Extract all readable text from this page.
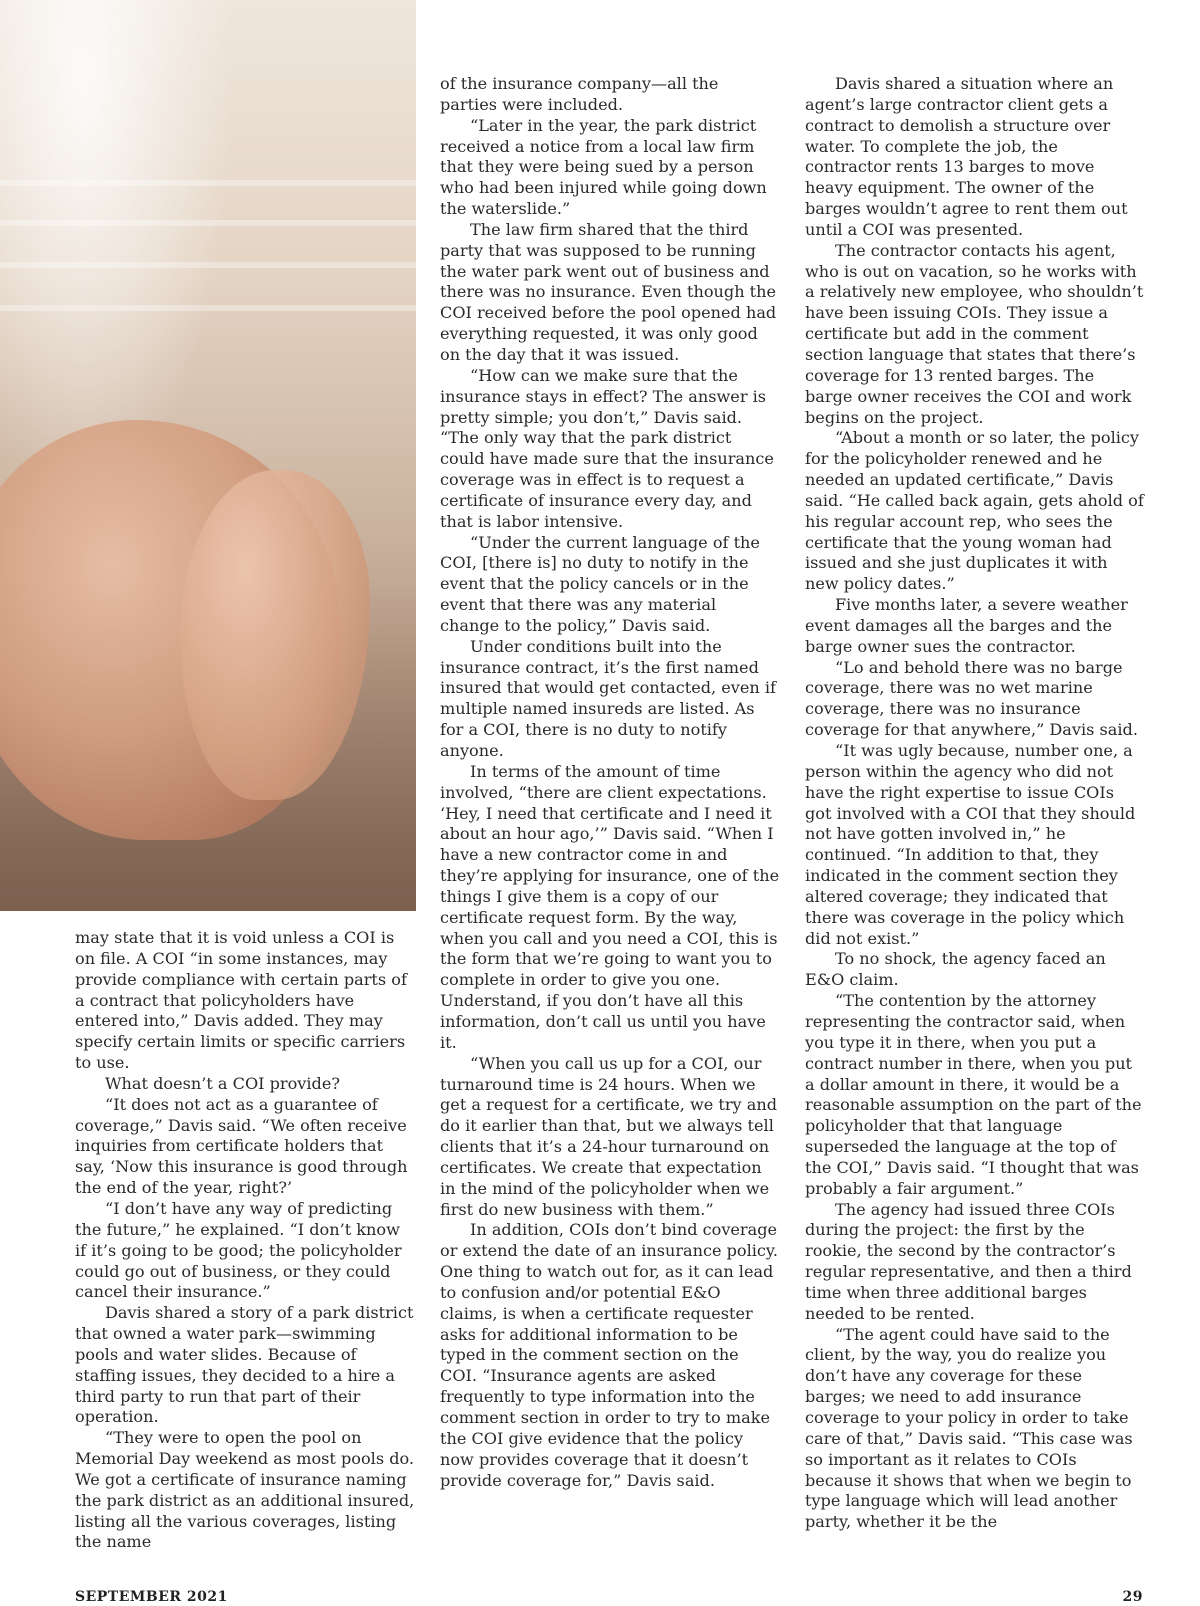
may state that it is void unless a COI is on file. A COI “in some instances, may provide compliance with certain parts of a contract that policyholders have entered into,” Davis added. They may specify certain limits or specific carriers to use.

What doesn’t a COI provide?

“It does not act as a guarantee of coverage,” Davis said. “We often receive inquiries from certificate holders that say, ‘Now this insurance is good through the end of the year, right?’

“I don’t have any way of predicting the future,” he explained. “I don’t know if it’s going to be good; the policyholder could go out of business, or they could cancel their insurance.”

Davis shared a story of a park district that owned a water park—swimming pools and water slides. Because of staffing issues, they decided to a hire a third party to run that part of their operation.

“They were to open the pool on Memorial Day weekend as most pools do. We got a certificate of insurance naming the park district as an additional insured, listing all the various coverages, listing the name

of the insurance company—all the parties were included.

“Later in the year, the park district received a notice from a local law firm that they were being sued by a person who had been injured while going down the waterslide.”

The law firm shared that the third party that was supposed to be running the water park went out of business and there was no insurance. Even though the COI received before the pool opened had everything requested, it was only good on the day that it was issued.

“How can we make sure that the insurance stays in effect? The answer is pretty simple; you don’t,” Davis said. “The only way that the park district could have made sure that the insurance coverage was in effect is to request a certificate of insurance every day, and that is labor intensive.

“Under the current language of the COI, [there is] no duty to notify in the event that the policy cancels or in the event that there was any material change to the policy,” Davis said.

Under conditions built into the insurance contract, it’s the first named insured that would get contacted, even if multiple named insureds are listed. As for a COI, there is no duty to notify anyone.

In terms of the amount of time involved, “there are client expectations. ‘Hey, I need that certificate and I need it about an hour ago,’” Davis said. “When I have a new contractor come in and they’re applying for insurance, one of the things I give them is a copy of our certificate request form. By the way, when you call and you need a COI, this is the form that we’re going to want you to complete in order to give you one. Understand, if you don’t have all this information, don’t call us until you have it.

“When you call us up for a COI, our turnaround time is 24 hours. When we get a request for a certificate, we try and do it earlier than that, but we always tell clients that it’s a 24-hour turnaround on certificates. We create that expectation in the mind of the policyholder when we first do new business with them.”

In addition, COIs don’t bind coverage or extend the date of an insurance policy. One thing to watch out for, as it can lead to confusion and/or potential E&O claims, is when a certificate requester asks for additional information to be typed in the comment section on the COI. “Insurance agents are asked frequently to type information into the comment section in order to try to make the COI give evidence that the policy now provides coverage that it doesn’t provide coverage for,” Davis said.

Davis shared a situation where an agent’s large contractor client gets a contract to demolish a structure over water. To complete the job, the contractor rents 13 barges to move heavy equipment. The owner of the barges wouldn’t agree to rent them out until a COI was presented.

The contractor contacts his agent, who is out on vacation, so he works with a relatively new employee, who shouldn’t have been issuing COIs. They issue a certificate but add in the comment section language that states that there’s coverage for 13 rented barges. The barge owner receives the COI and work begins on the project.

“About a month or so later, the policy for the policyholder renewed and he needed an updated certificate,” Davis said. “He called back again, gets ahold of his regular account rep, who sees the certificate that the young woman had issued and she just duplicates it with new policy dates.”

Five months later, a severe weather event damages all the barges and the barge owner sues the contractor.

“Lo and behold there was no barge coverage, there was no wet marine coverage, there was no insurance coverage for that anywhere,” Davis said.

“It was ugly because, number one, a person within the agency who did not have the right expertise to issue COIs got involved with a COI that they should not have gotten involved in,” he continued. “In addition to that, they indicated in the comment section they altered coverage; they indicated that there was coverage in the policy which did not exist.”

To no shock, the agency faced an E&O claim.

“The contention by the attorney representing the contractor said, when you type it in there, when you put a contract number in there, when you put a dollar amount in there, it would be a reasonable assumption on the part of the policyholder that that language superseded the language at the top of the COI,” Davis said. “I thought that was probably a fair argument.”

The agency had issued three COIs during the project: the first by the rookie, the second by the contractor’s regular representative, and then a third time when three additional barges needed to be rented.

“The agent could have said to the client, by the way, you do realize you don’t have any coverage for these barges; we need to add insurance coverage to your policy in order to take care of that,” Davis said. “This case was so important as it relates to COIs because it shows that when we begin to type language which will lead another party, whether it be the

SEPTEMBER 2021	29
